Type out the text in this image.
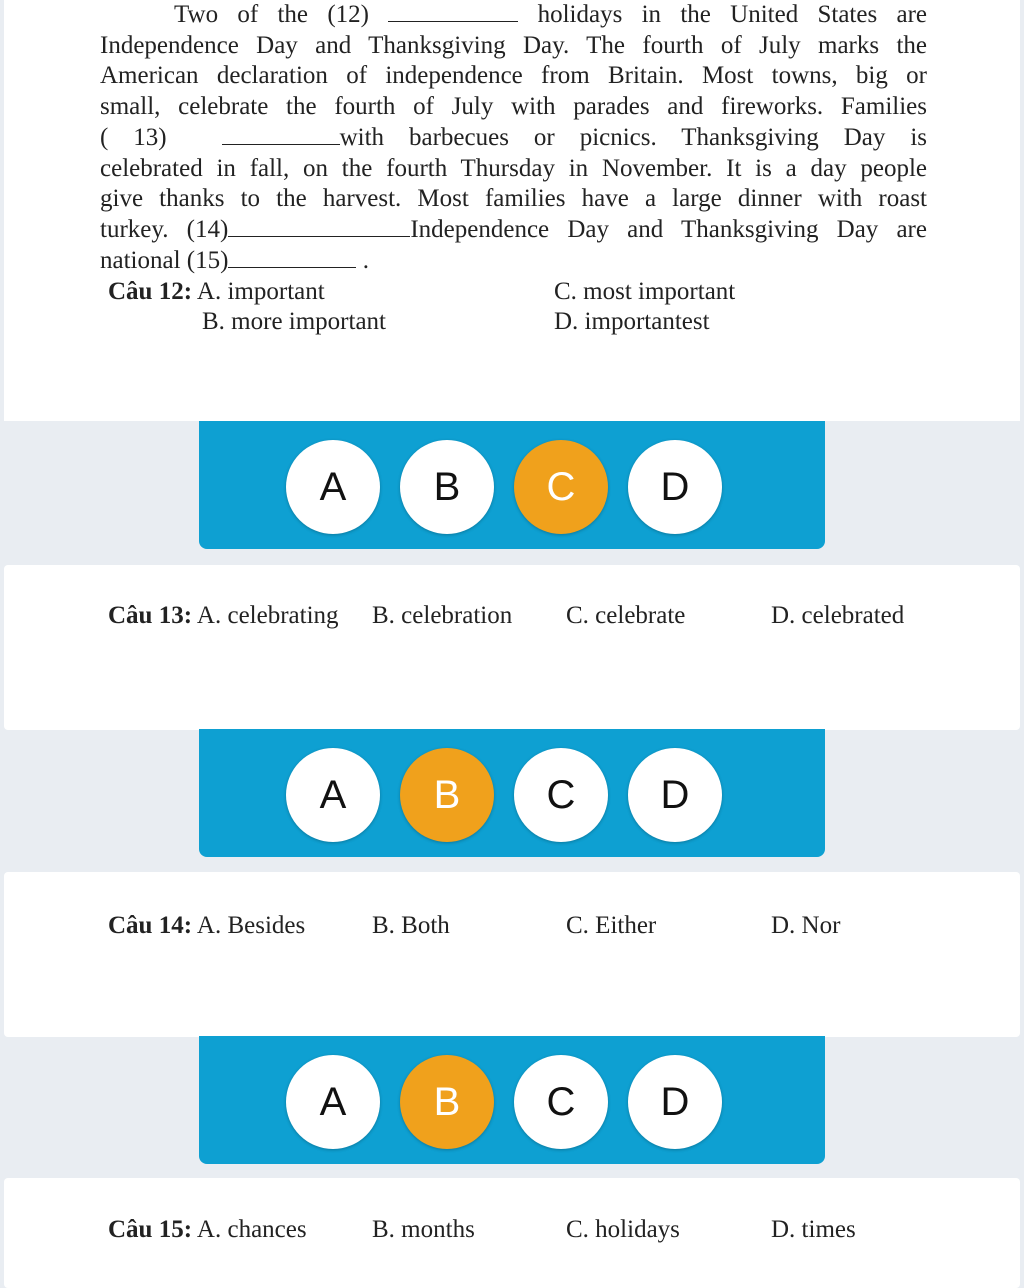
Two of the (12)	holidays in the United States are
Independence Day and Thanksgiving Day. The fourth of July marks the
American declaration of independence from Britain. Most towns, big or
small, celebrate the fourth of July with parades and fireworks. Families
( 13)	with barbecues or picnics. Thanksgiving Day is
celebrated in fall, on the fourth Thursday in November. It is a day people
give thanks to the harvest. Most families have a large dinner with roast
turkey. (14)	Independence Day and Thanksgiving Day are
national (15)	.
Câu 12: A. important
B. more important
C. most important
D. importantest
A	B	C	D
Câu 13: A. celebrating B. celebration C. celebrate	D. celebrated
A	B	C	D
Câu 14: A. Besides	B. Both	C. Either	D. Nor
A	B	C	D
Câu 15: A. chances	B. months	C. holidays	D. times
